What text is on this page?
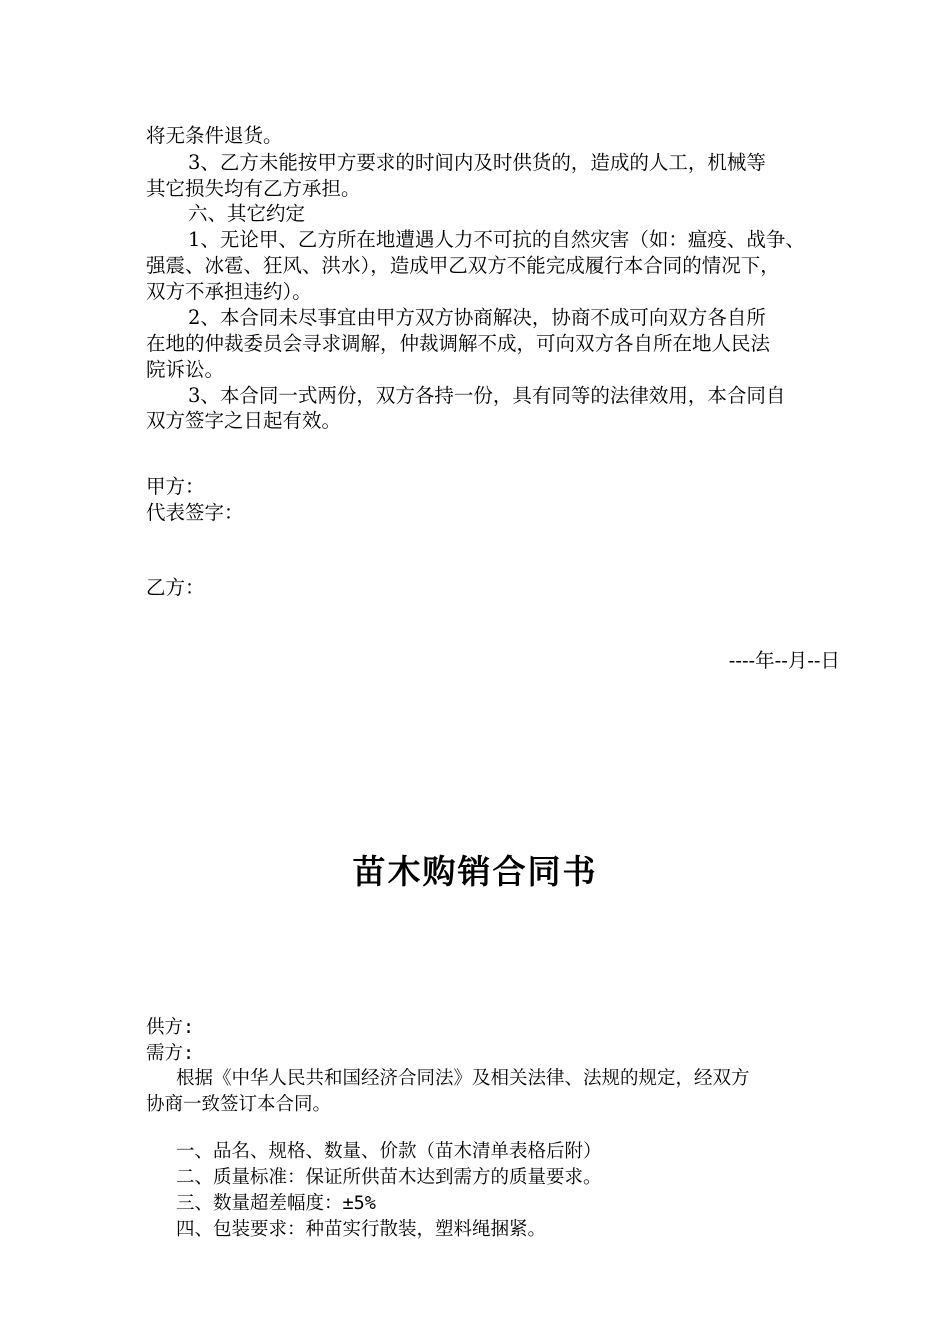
将无条件退货。
3、乙方未能按甲方要求的时间内及时供货的，造成的人工，机械等
其它损失均有乙方承担。
六、其它约定
1、无论甲、乙方所在地遭遇人力不可抗的自然灾害（如：瘟疫、战争、
强震、冰雹、狂风、洪水），造成甲乙双方不能完成履行本合同的情况下，
双方不承担违约）。
2、本合同未尽事宜由甲方双方协商解决，协商不成可向双方各自所
在地的仲裁委员会寻求调解，仲裁调解不成，可向双方各自所在地人民法
院诉讼。
3、本合同一式两份，双方各持一份，具有同等的法律效用，本合同自
双方签字之日起有效。
甲方：
代表签字：
乙方：
----年--月--日
苗木购销合同书
供方:
需方:
根据《中华人民共和国经济合同法》及相关法律、法规的规定，经双方
协商一致签订本合同。
一、品名、规格、数量、价款（苗木清单表格后附）
二、质量标准：保证所供苗木达到需方的质量要求。
三、数量超差幅度：±5%
四、包装要求：种苗实行散装，塑料绳捆紧。
